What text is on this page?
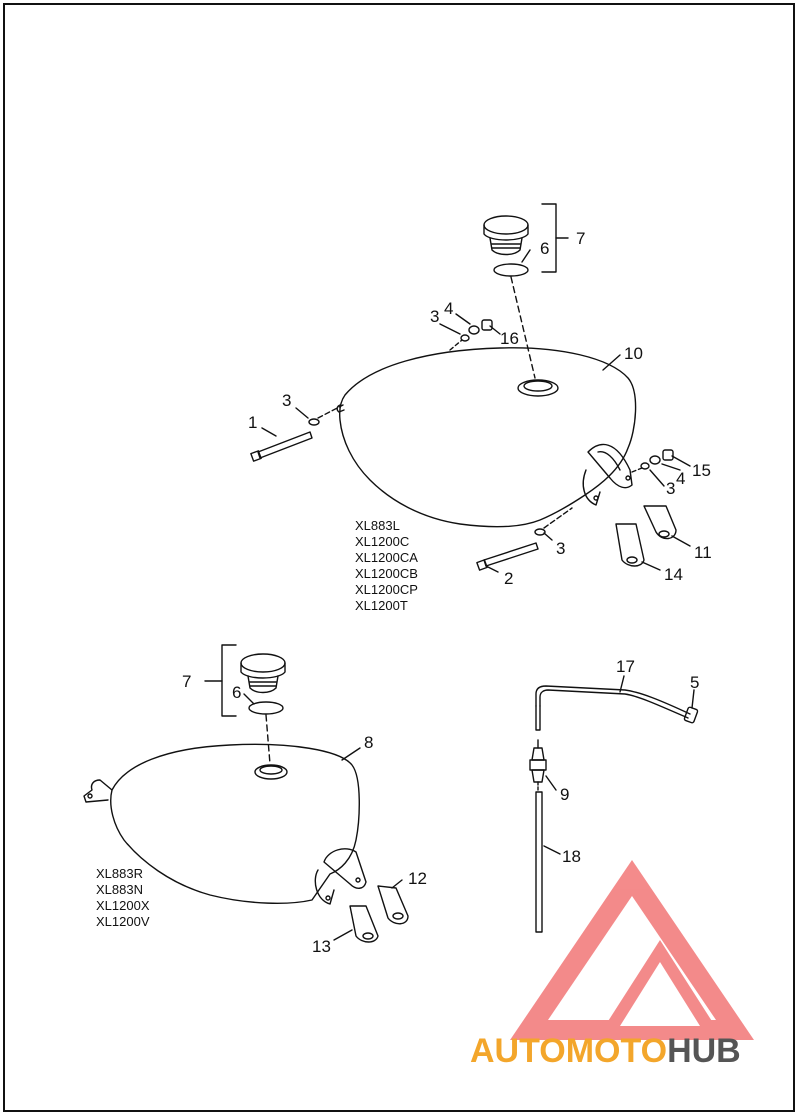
1
2
3
3
3
3
4
4
5
6
6
7
7
8
9
10
11
12
13
14
15
16
17
18
XL883L
XL1200C
XL1200CA
XL1200CB
XL1200CP
XL1200T
XL883R
XL883N
XL1200X
XL1200V
AUTOMOTOHUB
